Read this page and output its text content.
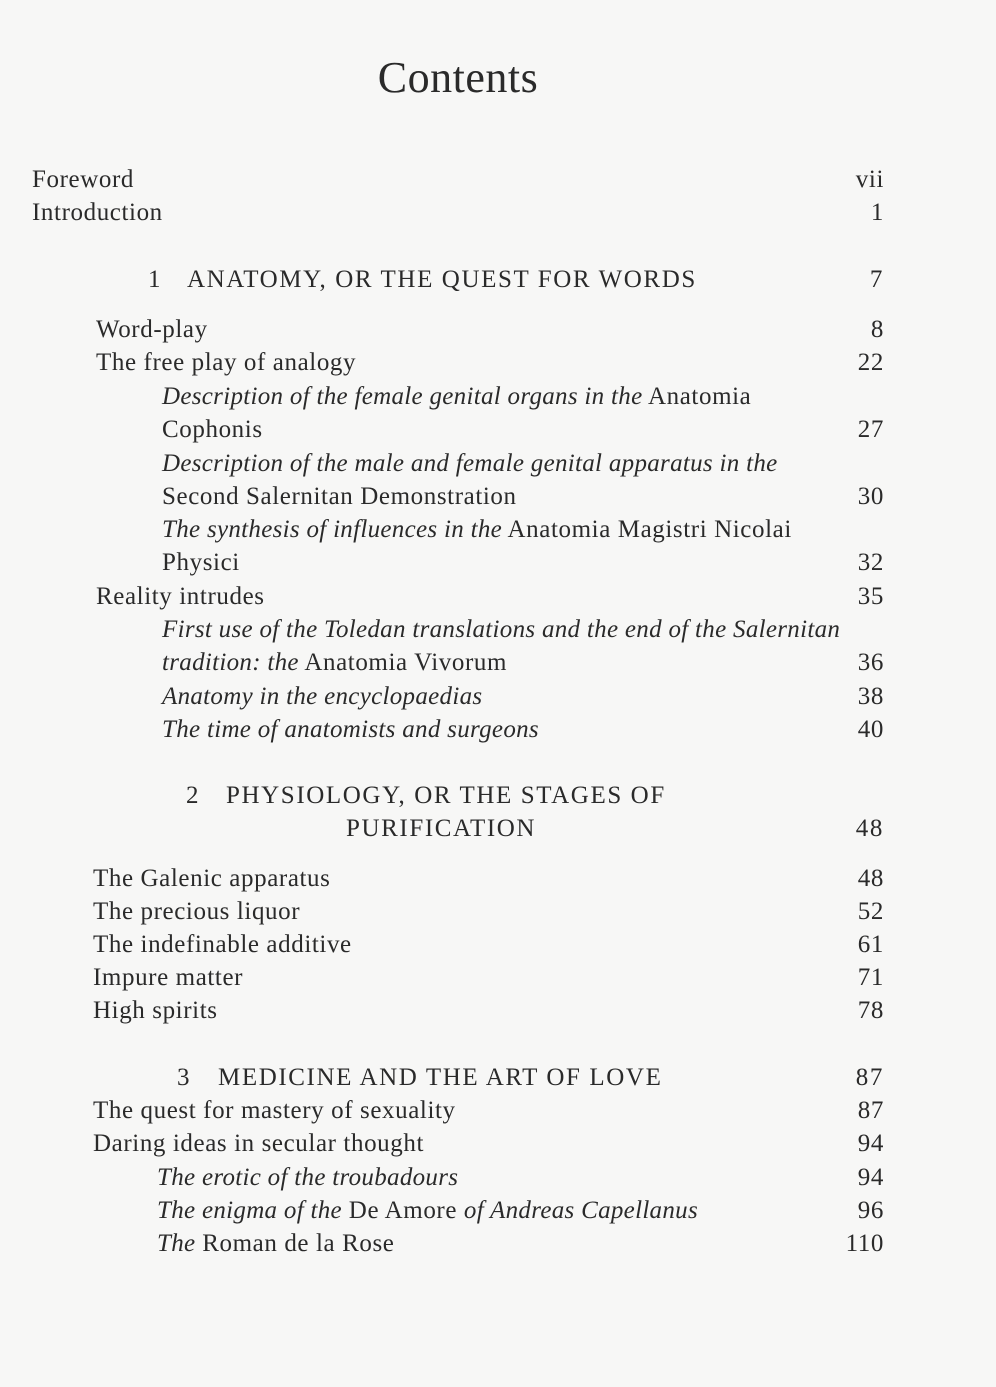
Contents
Foreword	vii
Introduction	1
1 ANATOMY, OR THE QUEST FOR WORDS	7
Word-play	8
The free play of analogy	22
Description of the female genital organs in the Anatomia
Cophonis	27
Description of the male and female genital apparatus in the
Second Salernitan Demonstration	30
The synthesis of influences in the Anatomia Magistri Nicolai
Physici	32
Reality intrudes	35
First use of the Toledan translations and the end of the Salernitan
tradition: the Anatomia Vivorum	36
Anatomy in the encyclopaedias	38
The time of anatomists and surgeons	40
2 PHYSIOLOGY, OR THE STAGES OF
PURIFICATION	48
The Galenic apparatus	48
The precious liquor	52
The indefinable additive	61
Impure matter	71
High spirits	78
3 MEDICINE AND THE ART OF LOVE	87
The quest for mastery of sexuality	87
Daring ideas in secular thought	94
The erotic of the troubadours	94
The enigma of the De Amore of Andreas Capellanus	96
The Roman de la Rose	110
